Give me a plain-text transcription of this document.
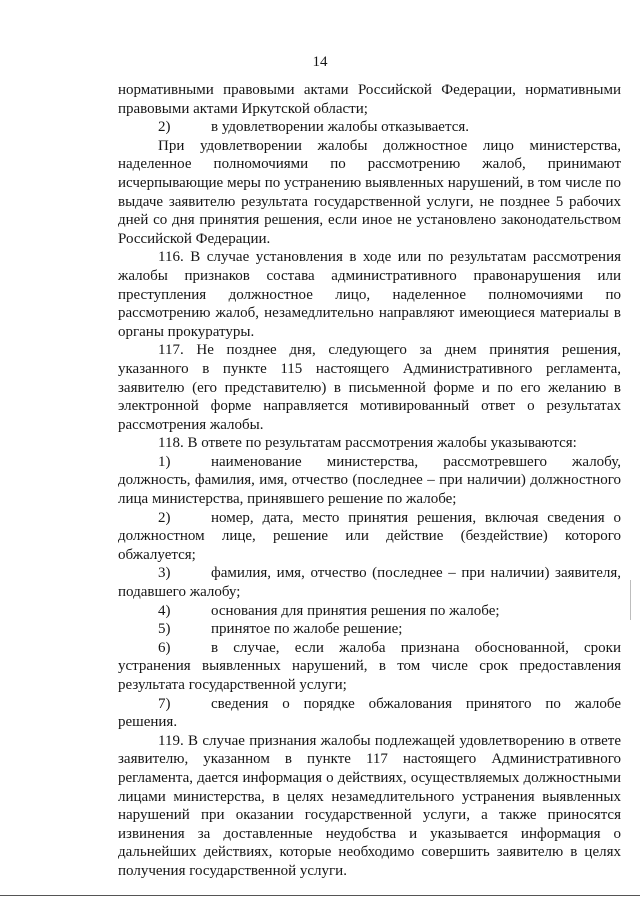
14

нормативными правовыми актами Российской Федерации, нормативными правовыми актами Иркутской области;

2)	в удовлетворении жалобы отказывается.

При удовлетворении жалобы должностное лицо министерства, наделенное полномочиями по рассмотрению жалоб, принимают исчерпывающие меры по устранению выявленных нарушений, в том числе по выдаче заявителю результата государственной услуги, не позднее 5 рабочих дней со дня принятия решения, если иное не установлено законодательством Российской Федерации.

116. В случае установления в ходе или по результатам рассмотрения жалобы признаков состава административного правонарушения или преступления должностное лицо, наделенное полномочиями по рассмотрению жалоб, незамедлительно направляют имеющиеся материалы в органы прокуратуры.

117. Не позднее дня, следующего за днем принятия решения, указанного в пункте 115 настоящего Административного регламента, заявителю (его представителю) в письменной форме и по его желанию в электронной форме направляется мотивированный ответ о результатах рассмотрения жалобы.

118. В ответе по результатам рассмотрения жалобы указываются:

1)	наименование министерства, рассмотревшего жалобу, должность, фамилия, имя, отчество (последнее – при наличии) должностного лица министерства, принявшего решение по жалобе;

2)	номер, дата, место принятия решения, включая сведения о должностном лице, решение или действие (бездействие) которого обжалуется;

3)	фамилия, имя, отчество (последнее – при наличии) заявителя, подавшего жалобу;

4)	основания для принятия решения по жалобе;

5)	принятое по жалобе решение;

6)	в случае, если жалоба признана обоснованной, сроки устранения выявленных нарушений, в том числе срок предоставления результата государственной услуги;

7)	сведения о порядке обжалования принятого по жалобе решения.

119. В случае признания жалобы подлежащей удовлетворению в ответе заявителю, указанном в пункте 117 настоящего Административного регламента, дается информация о действиях, осуществляемых должностными лицами министерства, в целях незамедлительного устранения выявленных нарушений при оказании государственной услуги, а также приносятся извинения за доставленные неудобства и указывается информация о дальнейших действиях, которые необходимо совершить заявителю в целях получения государственной услуги.
